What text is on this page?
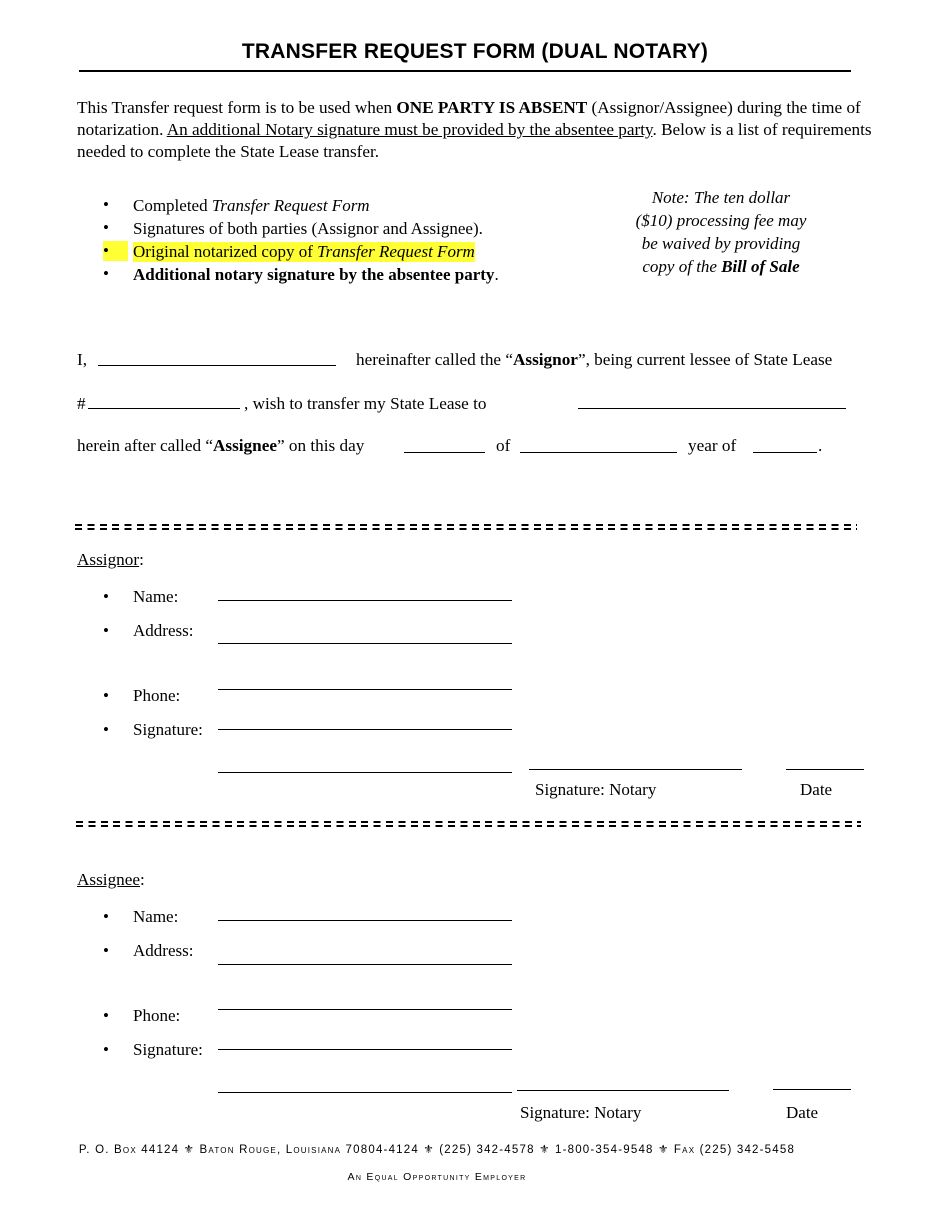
TRANSFER REQUEST FORM (DUAL NOTARY)
This Transfer request form is to be used when ONE PARTY IS ABSENT (Assignor/Assignee) during the time of notarization. An additional Notary signature must be provided by the absentee party. Below is a list of requirements needed to complete the State Lease transfer.
• Completed Transfer Request Form
• Signatures of both parties (Assignor and Assignee).
•	Original notarized copy of Transfer Request Form
• Additional notary signature by the absentee party.
Note: The ten dollar
($10) processing fee may
be waived by providing
copy of the Bill of Sale
I,	hereinafter called the “Assignor”, being current lessee of State Lease
#	, wish to transfer my State Lease to
herein after called “Assignee” on this day	of	year of	.
Assignor:
• Name:
• Address:
• Phone:
• Signature:
Signature: Notary	Date
Assignee:
• Name:
• Address:
• Phone:
• Signature:
Signature: Notary	Date
P. O. Box 44124 ⚜ Baton Rouge, Louisiana 70804-4124 ⚜ (225) 342-4578 ⚜ 1-800-354-9548 ⚜ Fax (225) 342-5458
An Equal Opportunity Employer
